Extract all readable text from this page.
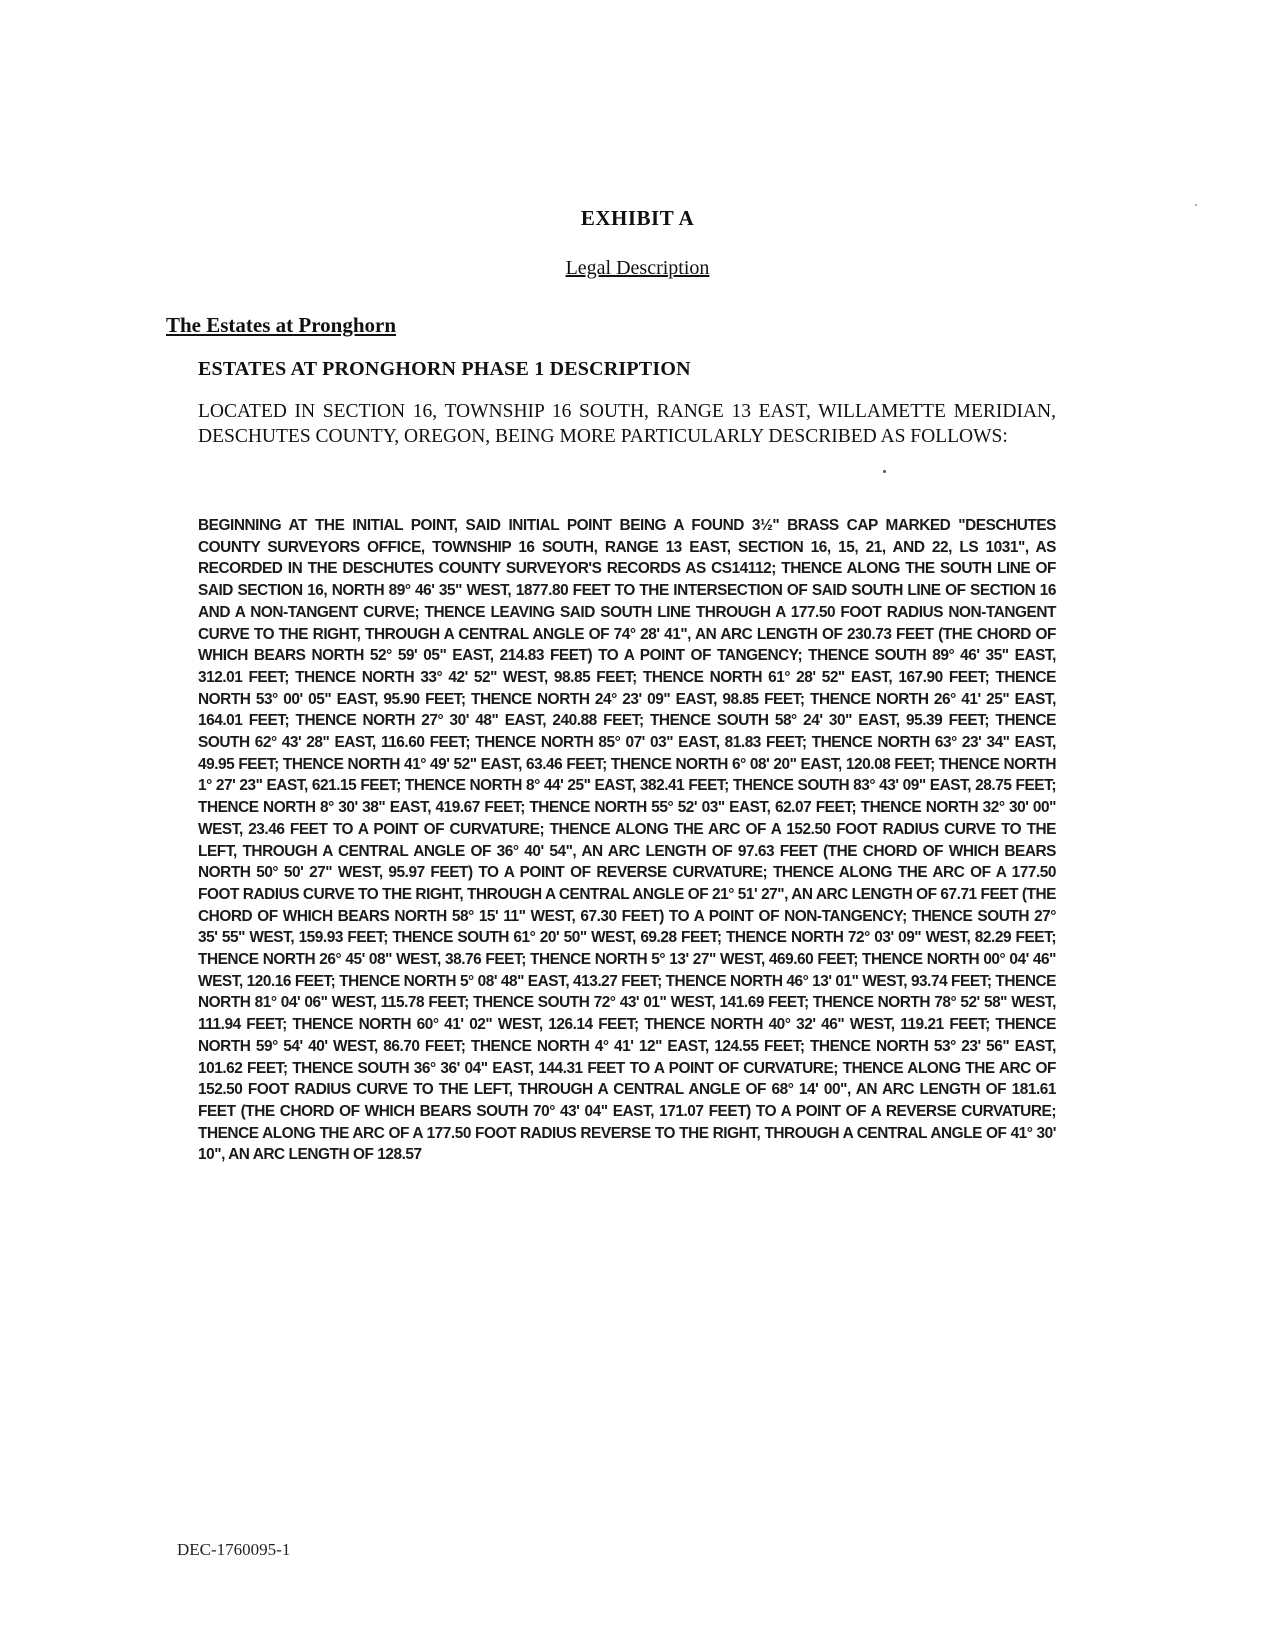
EXHIBIT A
Legal Description
The Estates at Pronghorn
ESTATES AT PRONGHORN PHASE 1 DESCRIPTION
LOCATED IN SECTION 16, TOWNSHIP 16 SOUTH, RANGE 13 EAST, WILLAMETTE MERIDIAN, DESCHUTES COUNTY, OREGON, BEING MORE PARTICULARLY DESCRIBED AS FOLLOWS:
BEGINNING AT THE INITIAL POINT, SAID INITIAL POINT BEING A FOUND 3½" BRASS CAP MARKED "DESCHUTES COUNTY SURVEYORS OFFICE, TOWNSHIP 16 SOUTH, RANGE 13 EAST, SECTION 16, 15, 21, AND 22, LS 1031", AS RECORDED IN THE DESCHUTES COUNTY SURVEYOR'S RECORDS AS CS14112; THENCE ALONG THE SOUTH LINE OF SAID SECTION 16, NORTH 89° 46' 35" WEST, 1877.80 FEET TO THE INTERSECTION OF SAID SOUTH LINE OF SECTION 16 AND A NON-TANGENT CURVE; THENCE LEAVING SAID SOUTH LINE THROUGH A 177.50 FOOT RADIUS NON-TANGENT CURVE TO THE RIGHT, THROUGH A CENTRAL ANGLE OF 74° 28' 41", AN ARC LENGTH OF 230.73 FEET (THE CHORD OF WHICH BEARS NORTH 52° 59' 05" EAST, 214.83 FEET) TO A POINT OF TANGENCY; THENCE SOUTH 89° 46' 35" EAST, 312.01 FEET; THENCE NORTH 33° 42' 52" WEST, 98.85 FEET; THENCE NORTH 61° 28' 52" EAST, 167.90 FEET; THENCE NORTH 53° 00' 05" EAST, 95.90 FEET; THENCE NORTH 24° 23' 09" EAST, 98.85 FEET; THENCE NORTH 26° 41' 25" EAST, 164.01 FEET; THENCE NORTH 27° 30' 48" EAST, 240.88 FEET; THENCE SOUTH 58° 24' 30" EAST, 95.39 FEET; THENCE SOUTH 62° 43' 28" EAST, 116.60 FEET; THENCE NORTH 85° 07' 03" EAST, 81.83 FEET; THENCE NORTH 63° 23' 34" EAST, 49.95 FEET; THENCE NORTH 41° 49' 52" EAST, 63.46 FEET; THENCE NORTH 6° 08' 20" EAST, 120.08 FEET; THENCE NORTH 1° 27' 23" EAST, 621.15 FEET; THENCE NORTH 8° 44' 25" EAST, 382.41 FEET; THENCE SOUTH 83° 43' 09" EAST, 28.75 FEET; THENCE NORTH 8° 30' 38" EAST, 419.67 FEET; THENCE NORTH 55° 52' 03" EAST, 62.07 FEET; THENCE NORTH 32° 30' 00" WEST, 23.46 FEET TO A POINT OF CURVATURE; THENCE ALONG THE ARC OF A 152.50 FOOT RADIUS CURVE TO THE LEFT, THROUGH A CENTRAL ANGLE OF 36° 40' 54", AN ARC LENGTH OF 97.63 FEET (THE CHORD OF WHICH BEARS NORTH 50° 50' 27" WEST, 95.97 FEET) TO A POINT OF REVERSE CURVATURE; THENCE ALONG THE ARC OF A 177.50 FOOT RADIUS CURVE TO THE RIGHT, THROUGH A CENTRAL ANGLE OF 21° 51' 27", AN ARC LENGTH OF 67.71 FEET (THE CHORD OF WHICH BEARS NORTH 58° 15' 11" WEST, 67.30 FEET) TO A POINT OF NON-TANGENCY; THENCE SOUTH 27° 35' 55" WEST, 159.93 FEET; THENCE SOUTH 61° 20' 50" WEST, 69.28 FEET; THENCE NORTH 72° 03' 09" WEST, 82.29 FEET; THENCE NORTH 26° 45' 08" WEST, 38.76 FEET; THENCE NORTH 5° 13' 27" WEST, 469.60 FEET; THENCE NORTH 00° 04' 46" WEST, 120.16 FEET; THENCE NORTH 5° 08' 48" EAST, 413.27 FEET; THENCE NORTH 46° 13' 01" WEST, 93.74 FEET; THENCE NORTH 81° 04' 06" WEST, 115.78 FEET; THENCE SOUTH 72° 43' 01" WEST, 141.69 FEET; THENCE NORTH 78° 52' 58" WEST, 111.94 FEET; THENCE NORTH 60° 41' 02" WEST, 126.14 FEET; THENCE NORTH 40° 32' 46" WEST, 119.21 FEET; THENCE NORTH 59° 54' 40' WEST, 86.70 FEET; THENCE NORTH 4° 41' 12" EAST, 124.55 FEET; THENCE NORTH 53° 23' 56" EAST, 101.62 FEET; THENCE SOUTH 36° 36' 04" EAST, 144.31 FEET TO A POINT OF CURVATURE; THENCE ALONG THE ARC OF 152.50 FOOT RADIUS CURVE TO THE LEFT, THROUGH A CENTRAL ANGLE OF 68° 14' 00", AN ARC LENGTH OF 181.61 FEET (THE CHORD OF WHICH BEARS SOUTH 70° 43' 04" EAST, 171.07 FEET) TO A POINT OF A REVERSE CURVATURE; THENCE ALONG THE ARC OF A 177.50 FOOT RADIUS REVERSE TO THE RIGHT, THROUGH A CENTRAL ANGLE OF 41° 30' 10", AN ARC LENGTH OF 128.57
DEC-1760095-1
